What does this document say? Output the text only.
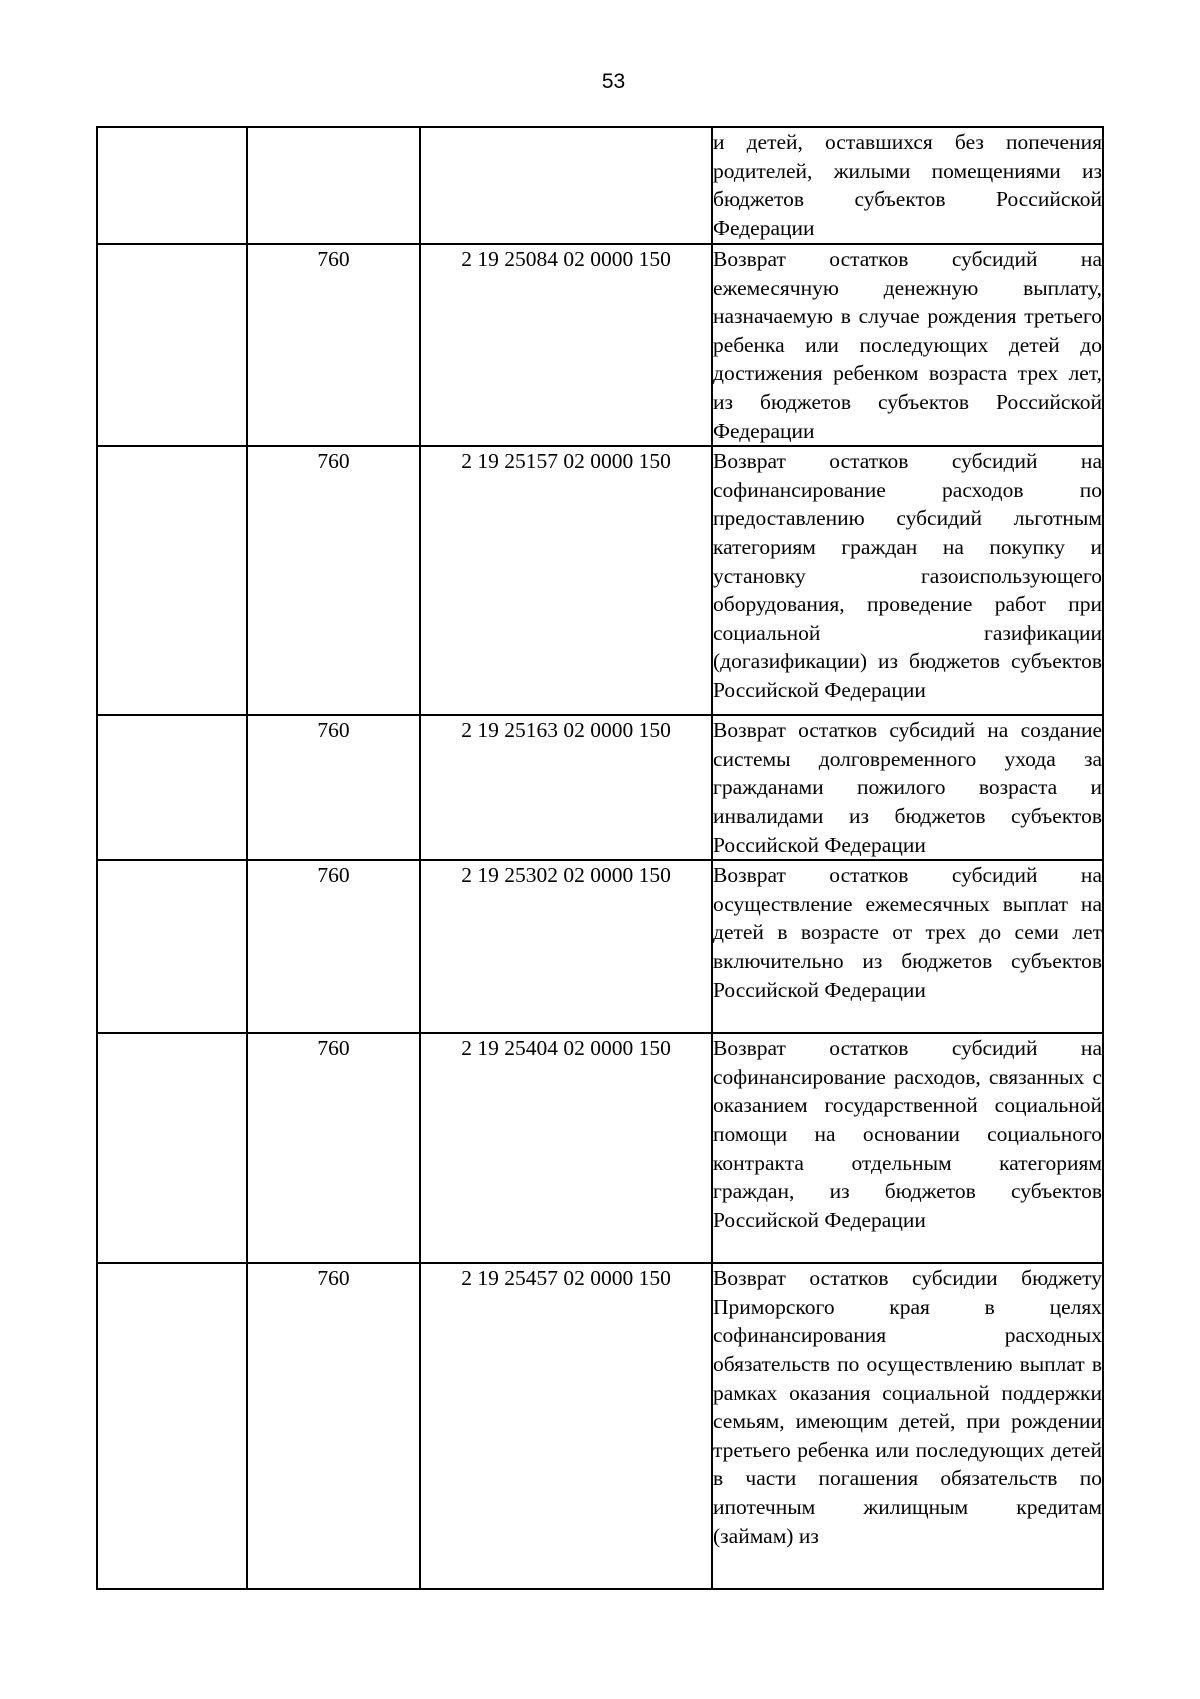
53
			и детей, оставшихся без попечения родителей, жилыми помещениями из бюджетов субъектов Российской Федерации
	760	2 19 25084 02 0000 150	Возврат остатков субсидий на ежемесячную денежную выплату, назначаемую в случае рождения третьего ребенка или последующих детей до достижения ребенком возраста трех лет, из бюджетов субъектов Российской Федерации
	760	2 19 25157 02 0000 150	Возврат остатков субсидий на софинансирование расходов по предоставлению субсидий льготным категориям граждан на покупку и установку газоиспользующего оборудования, проведение работ при социальной газификации (догазификации) из бюджетов субъектов Российской Федерации
	760	2 19 25163 02 0000 150	Возврат остатков субсидий на создание системы долговременного ухода за гражданами пожилого возраста и инвалидами из бюджетов субъектов Российской Федерации
	760	2 19 25302 02 0000 150	Возврат остатков субсидий на осуществление ежемесячных выплат на детей в возрасте от трех до семи лет включительно из бюджетов субъектов Российской Федерации
	760	2 19 25404 02 0000 150	Возврат остатков субсидий на софинансирование расходов, связанных с оказанием государственной социальной помощи на основании социального контракта отдельным категориям граждан, из бюджетов субъектов Российской Федерации
	760	2 19 25457 02 0000 150	Возврат остатков субсидии бюджету Приморского края в целях софинансирования расходных обязательств по осуществлению выплат в рамках оказания социальной поддержки семьям, имеющим детей, при рождении третьего ребенка или последующих детей в части погашения обязательств по ипотечным жилищным кредитам (займам) из
